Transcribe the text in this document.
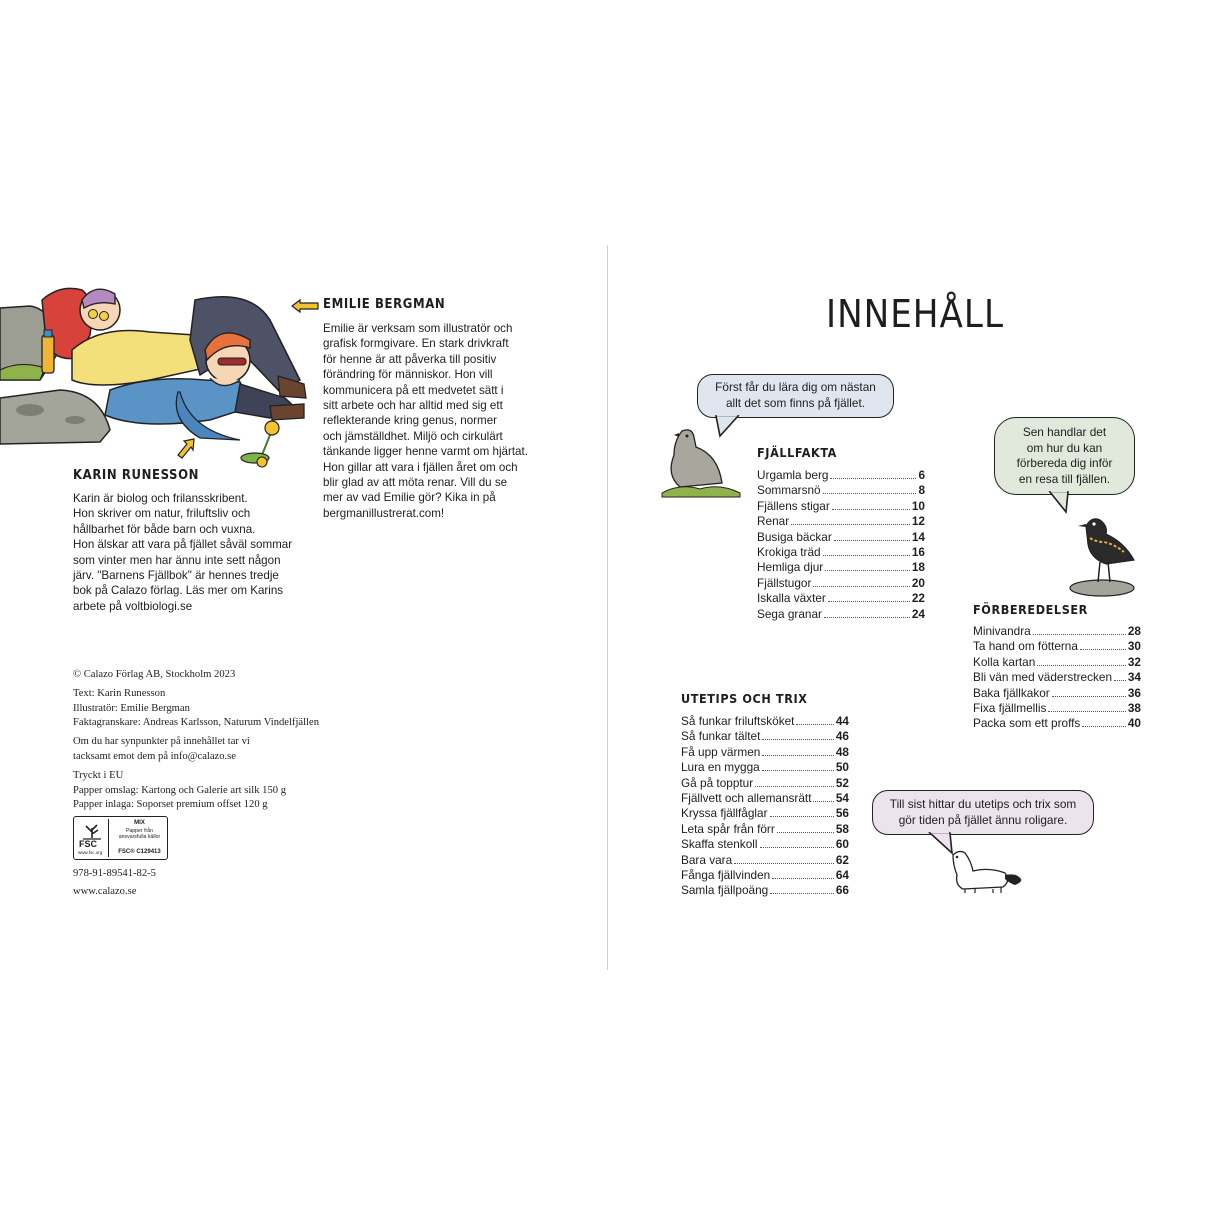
EMILIE BERGMAN
Emilie är verksam som illustratör och
grafisk formgivare. En stark drivkraft
för henne är att påverka till positiv
förändring för människor. Hon vill
kommunicera på ett medvetet sätt i
sitt arbete och har alltid med sig ett
reflekterande kring genus, normer
och jämställdhet. Miljö och cirkulärt
tänkande ligger henne varmt om hjärtat.
Hon gillar att vara i fjällen året om och
blir glad av att möta renar. Vill du se
mer av vad Emilie gör? Kika in på
bergmanillustrerat.com!
KARIN RUNESSON
Karin är biolog och frilansskribent.
Hon skriver om natur, friluftsliv och
hållbarhet för både barn och vuxna.
Hon älskar att vara på fjället såväl sommar
som vinter men har ännu inte sett någon
järv. "Barnens Fjällbok" är hennes tredje
bok på Calazo förlag. Läs mer om Karins
arbete på voltbiologi.se
© Calazo Förlag AB, Stockholm 2023
Text: Karin Runesson
Illustratör: Emilie Bergman
Faktagranskare: Andreas Karlsson, Naturum Vindelfjällen
Om du har synpunkter på innehållet tar vi
tacksamt emot dem på info@calazo.se
Tryckt i EU
Papper omslag: Kartong och Galerie art silk 150 g
Papper inlaga: Soporset premium offset 120 g
FSC
www.fsc.org
MIX
Papper från
ansvarsfulla källor
FSC® C129413
978-91-89541-82-5
www.calazo.se
INNEHÅLL
Först får du lära dig om nästan
allt det som finns på fjället.
FJÄLLFAKTA
Urgamla berg	6
Sommarsnö	8
Fjällens stigar	10
Renar	12
Busiga bäckar	14
Krokiga träd	16
Hemliga djur	18
Fjällstugor	20
Iskalla växter	22
Sega granar	24
Sen handlar det
om hur du kan
förbereda dig inför
en resa till fjällen.
FÖRBEREDELSER
Minivandra	28
Ta hand om fötterna	30
Kolla kartan	32
Bli vän med väderstrecken 34
Baka fjällkakor	36
Fixa fjällmellis	38
Packa som ett proffs	40
UTETIPS OCH TRIX
Så funkar friluftsköket	44
Så funkar tältet	46
Få upp värmen	48
Lura en mygga	50
Gå på topptur	52
Fjällvett och allemansrätt 54
Kryssa fjällfåglar	56
Leta spår från förr	58
Skaffa stenkoll	60
Bara vara	62
Fånga fjällvinden	64
Samla fjällpoäng	66
Till sist hittar du utetips och trix som
gör tiden på fjället ännu roligare.
